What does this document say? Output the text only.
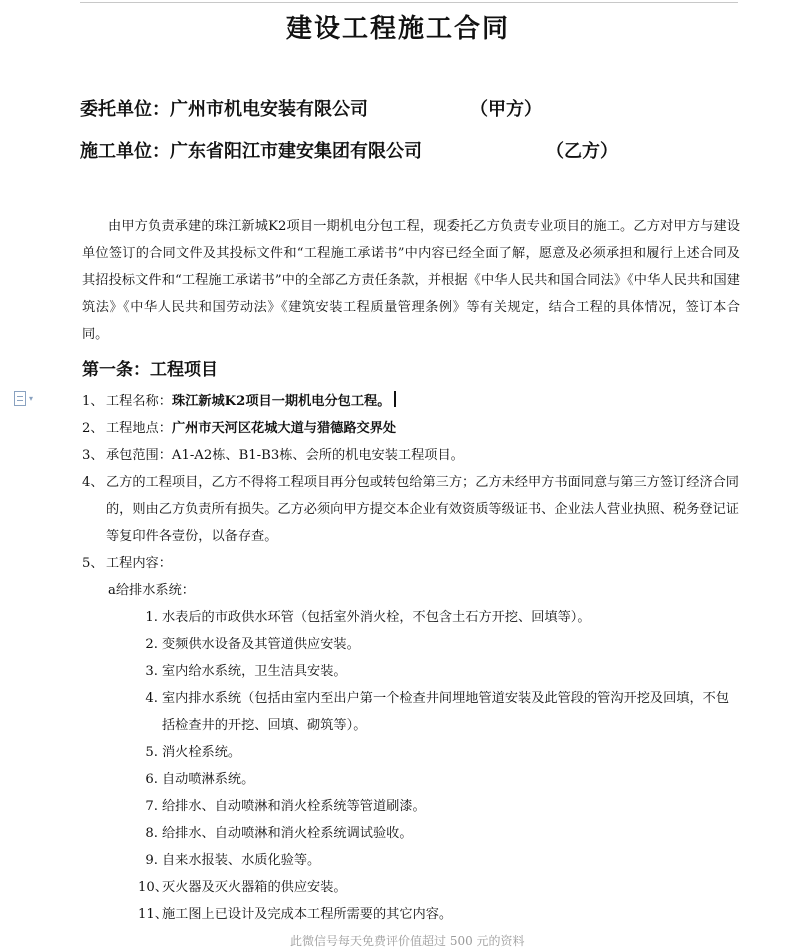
建设工程施工合同
委托单位：广州市机电安装有限公司	（甲方）
施工单位：广东省阳江市建安集团有限公司	（乙方）
由甲方负责承建的珠江新城K2项目一期机电分包工程，现委托乙方负责专业项目的施工。乙方对甲方与建设单位签订的合同文件及其投标文件和“工程施工承诺书”中内容已经全面了解，愿意及必须承担和履行上述合同及其招投标文件和“工程施工承诺书”中的全部乙方责任条款，并根据《中华人民共和国合同法》《中华人民共和国建筑法》《中华人民共和国劳动法》《建筑安装工程质量管理条例》等有关规定，结合工程的具体情况，签订本合同。
第一条：工程项目
▾	1、 工程名称：珠江新城K2项目一期机电分包工程。
2、 工程地点：广州市天河区花城大道与猎德路交界处
3、 承包范围：A1-A2栋、B1-B3栋、会所的机电安装工程项目。
4、 乙方的工程项目，乙方不得将工程项目再分包或转包给第三方；乙方未经甲方书面同意与第三方签订经济合同的，则由乙方负责所有损失。乙方必须向甲方提交本企业有效资质等级证书、企业法人营业执照、税务登记证等复印件各壹份，以备存查。
5、 工程内容：
a给排水系统：
1. 水表后的市政供水环管（包括室外消火栓，不包含土石方开挖、回填等）。
2. 变频供水设备及其管道供应安装。
3. 室内给水系统，卫生洁具安装。
4. 室内排水系统（包括由室内至出户第一个检查井间埋地管道安装及此管段的管沟开挖及回填，不包括检查井的开挖、回填、砌筑等）。
5. 消火栓系统。
6. 自动喷淋系统。
7. 给排水、自动喷淋和消火栓系统等管道刷漆。
8. 给排水、自动喷淋和消火栓系统调试验收。
9. 自来水报装、水质化验等。
10、
灭火器及灭火器箱的供应安装。
11、
施工图上已设计及完成本工程所需要的其它内容。
此微信号每天免费评价值超过 500 元的资料
